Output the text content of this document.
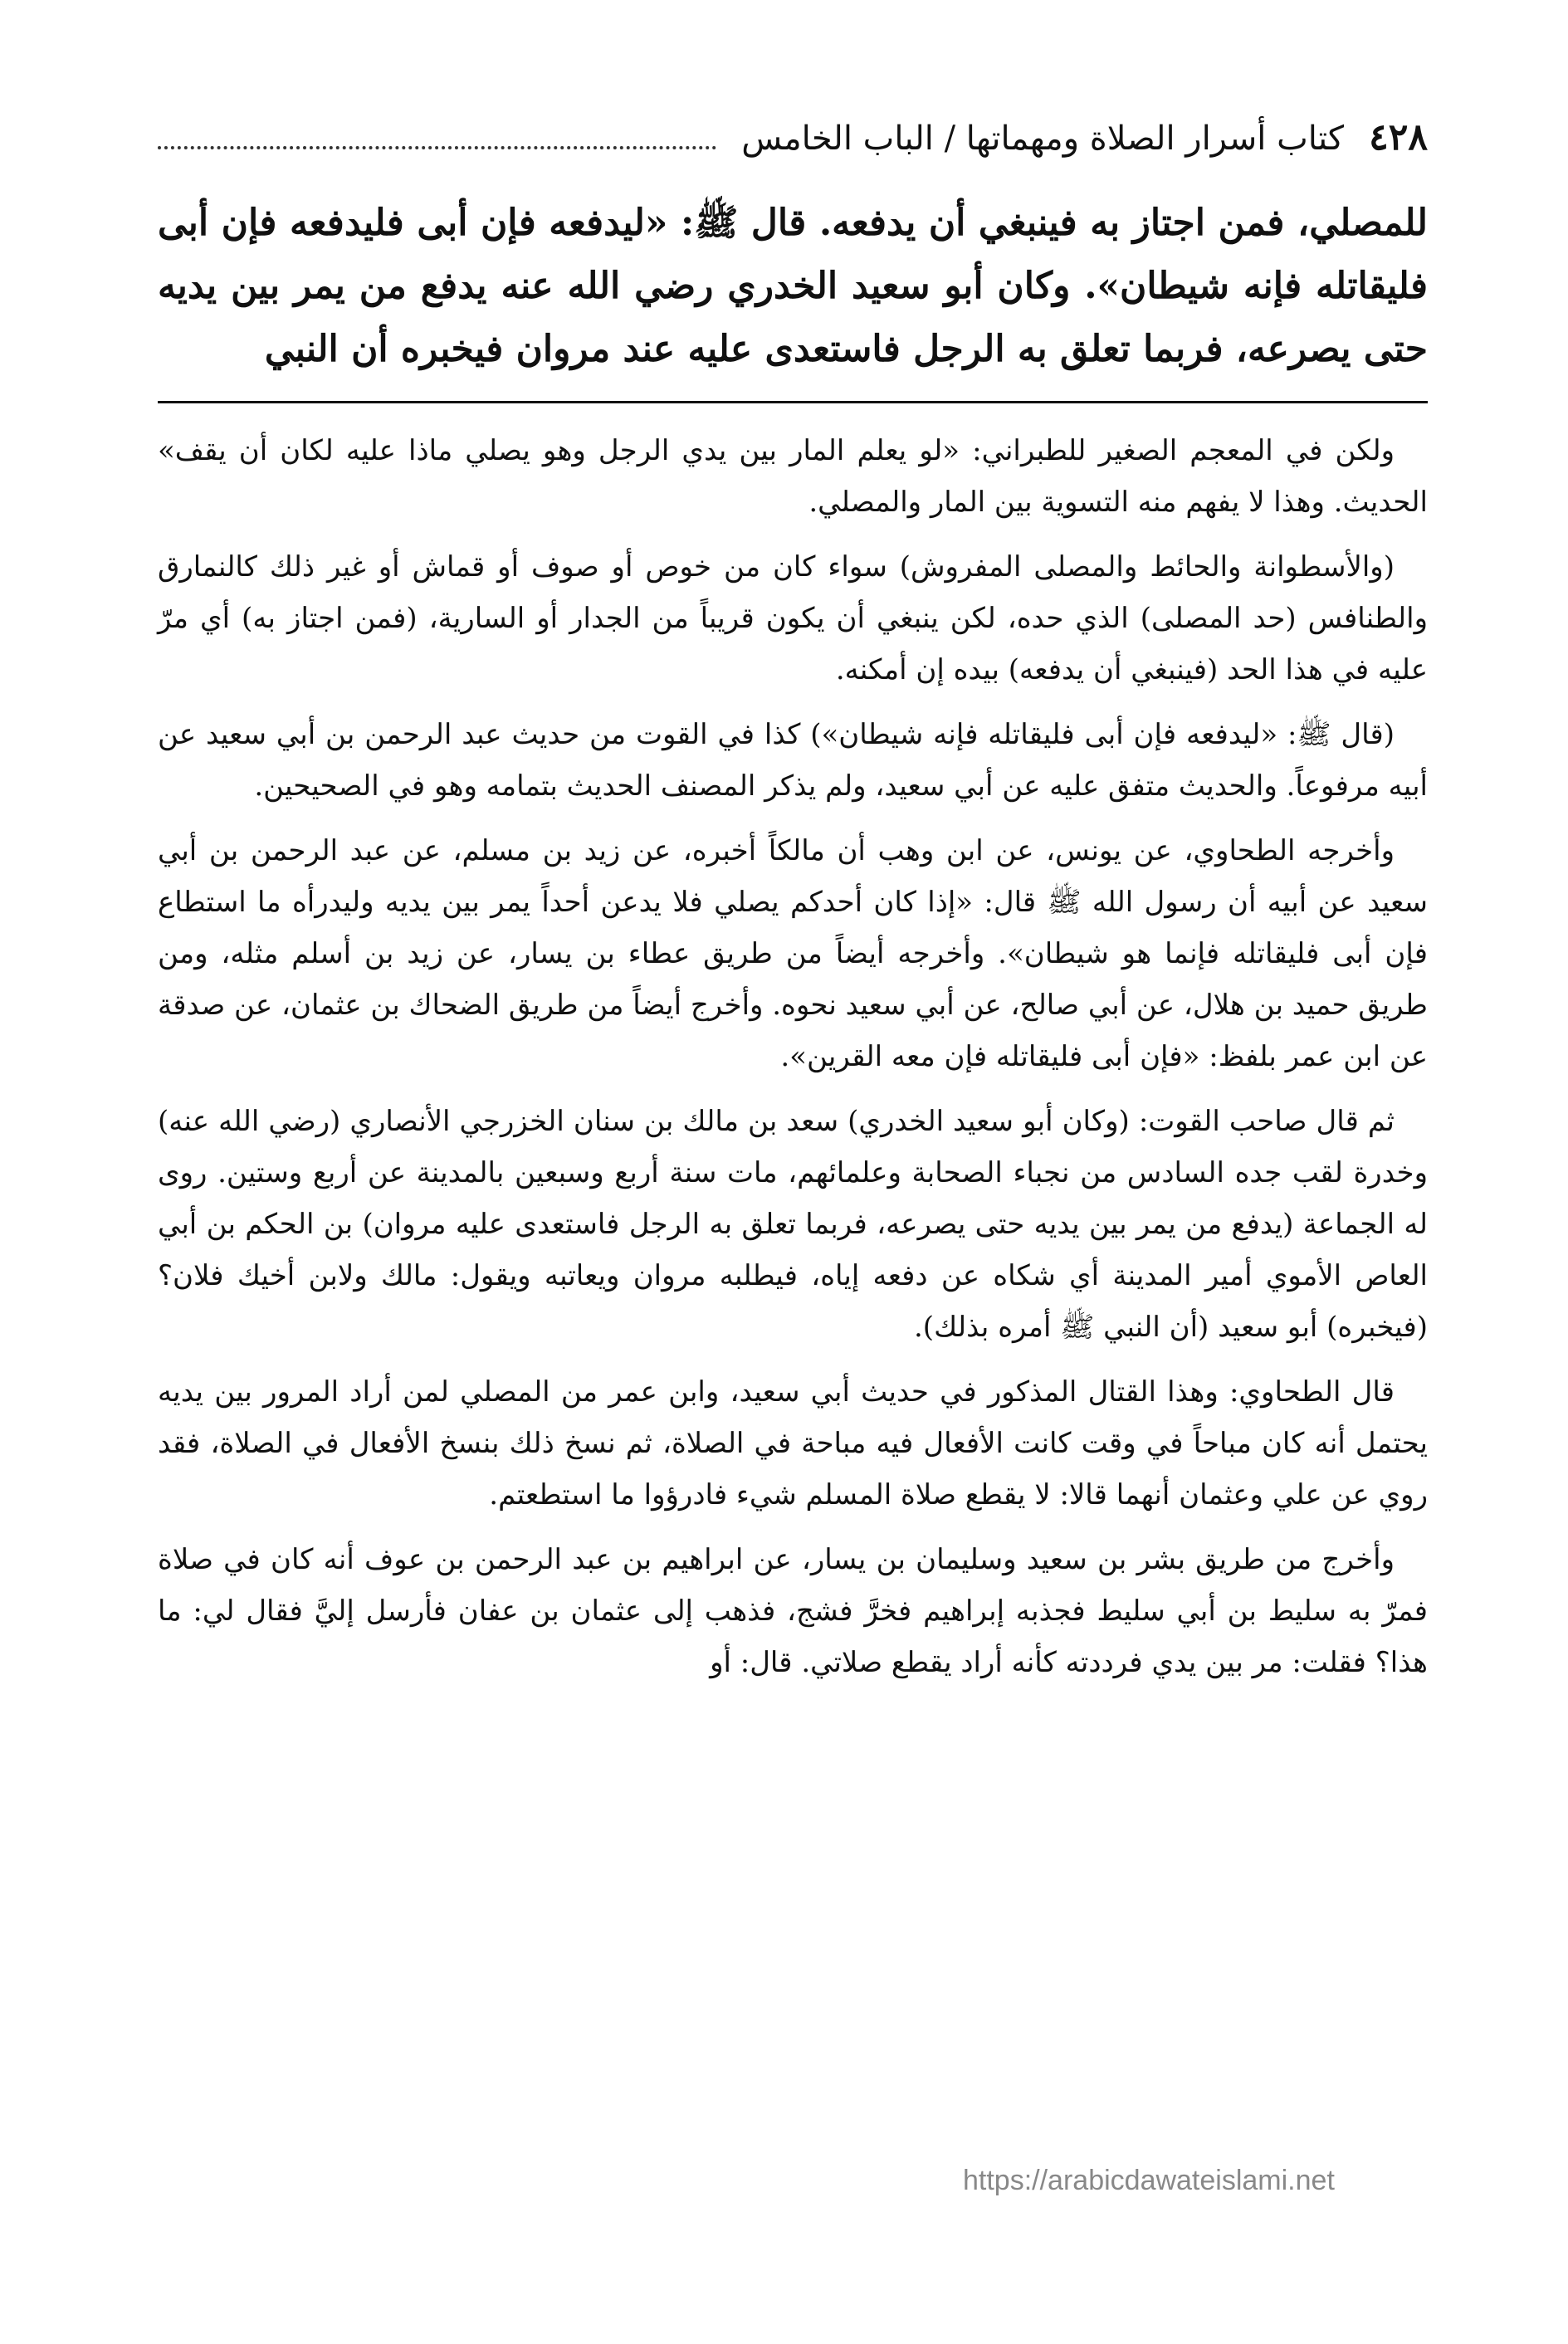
٤٢٨
كتاب أسرار الصلاة ومهماتها / الباب الخامس
للمصلي، فمن اجتاز به فينبغي أن يدفعه. قال ﷺ: «ليدفعه فإن أبى فليدفعه فإن أبى فليقاتله فإنه شيطان». وكان أبو سعيد الخدري رضي الله عنه يدفع من يمر بين يديه حتى يصرعه، فربما تعلق به الرجل فاستعدى عليه عند مروان فيخبره أن النبي

ولكن في المعجم الصغير للطبراني: «لو يعلم المار بين يدي الرجل وهو يصلي ماذا عليه لكان أن يقف» الحديث. وهذا لا يفهم منه التسوية بين المار والمصلي.

(والأسطوانة والحائط والمصلى المفروش) سواء كان من خوص أو صوف أو قماش أو غير ذلك كالنمارق والطنافس (حد المصلى) الذي حده، لكن ينبغي أن يكون قريباً من الجدار أو السارية، (فمن اجتاز به) أي مرّ عليه في هذا الحد (فينبغي أن يدفعه) بيده إن أمكنه.

(قال ﷺ: «ليدفعه فإن أبى فليقاتله فإنه شيطان») كذا في القوت من حديث عبد الرحمن بن أبي سعيد عن أبيه مرفوعاً. والحديث متفق عليه عن أبي سعيد، ولم يذكر المصنف الحديث بتمامه وهو في الصحيحين.

وأخرجه الطحاوي، عن يونس، عن ابن وهب أن مالكاً أخبره، عن زيد بن مسلم، عن عبد الرحمن بن أبي سعيد عن أبيه أن رسول الله ﷺ قال: «إذا كان أحدكم يصلي فلا يدعن أحداً يمر بين يديه وليدرأه ما استطاع فإن أبى فليقاتله فإنما هو شيطان». وأخرجه أيضاً من طريق عطاء بن يسار، عن زيد بن أسلم مثله، ومن طريق حميد بن هلال، عن أبي صالح، عن أبي سعيد نحوه. وأخرج أيضاً من طريق الضحاك بن عثمان، عن صدقة عن ابن عمر بلفظ: «فإن أبى فليقاتله فإن معه القرين».

ثم قال صاحب القوت: (وكان أبو سعيد الخدري) سعد بن مالك بن سنان الخزرجي الأنصاري (رضي الله عنه) وخدرة لقب جده السادس من نجباء الصحابة وعلمائهم، مات سنة أربع وسبعين بالمدينة عن أربع وستين. روى له الجماعة (يدفع من يمر بين يديه حتى يصرعه، فربما تعلق به الرجل فاستعدى عليه مروان) بن الحكم بن أبي العاص الأموي أمير المدينة أي شكاه عن دفعه إياه، فيطلبه مروان ويعاتبه ويقول: مالك ولابن أخيك فلان؟ (فيخبره) أبو سعيد (أن النبي ﷺ أمره بذلك).

قال الطحاوي: وهذا القتال المذكور في حديث أبي سعيد، وابن عمر من المصلي لمن أراد المرور بين يديه يحتمل أنه كان مباحاً في وقت كانت الأفعال فيه مباحة في الصلاة، ثم نسخ ذلك بنسخ الأفعال في الصلاة، فقد روي عن علي وعثمان أنهما قالا: لا يقطع صلاة المسلم شيء فادرؤوا ما استطعتم.

وأخرج من طريق بشر بن سعيد وسليمان بن يسار، عن ابراهيم بن عبد الرحمن بن عوف أنه كان في صلاة فمرّ به سليط بن أبي سليط فجذبه إبراهيم فخرَّ فشج، فذهب إلى عثمان بن عفان فأرسل إليَّ فقال لي: ما هذا؟ فقلت: مر بين يدي فرددته كأنه أراد يقطع صلاتي. قال: أو

https://arabicdawateislami.net
